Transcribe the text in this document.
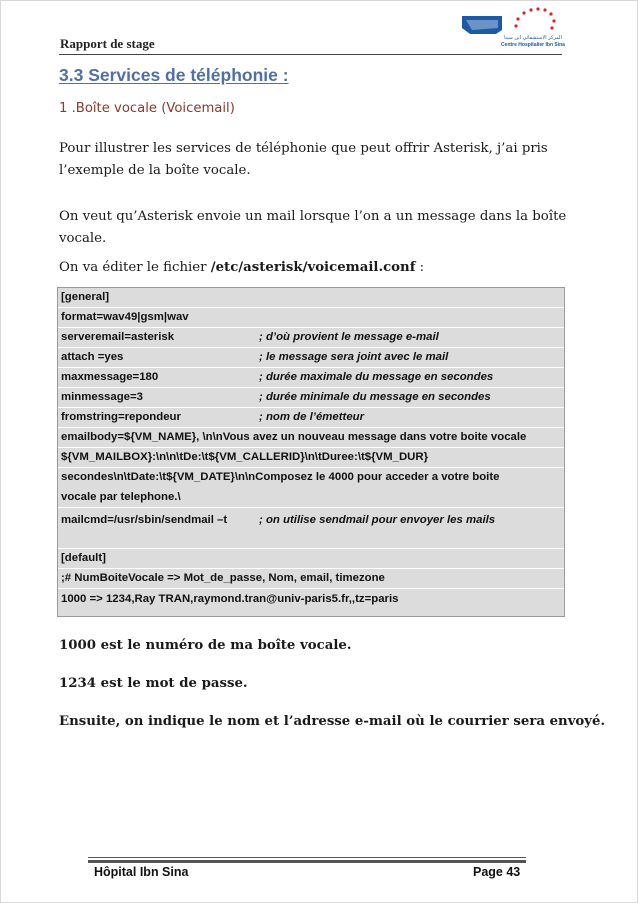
Rapport de stage	المركز الاستشفائي ابن سينا
Centre Hospitalier Ibn Sina
3.3 Services de téléphonie :
1 .Boîte vocale (Voicemail)
Pour illustrer les services de téléphonie que peut offrir Asterisk, j’ai pris
l’exemple de la boîte vocale.
On veut qu’Asterisk envoie un mail lorsque l’on a un message dans la boîte
vocale.
On va éditer le fichier /etc/asterisk/voicemail.conf :
[general]
format=wav49|gsm|wav
serveremail=asterisk	; d’où provient le message e-mail
attach =yes	; le message sera joint avec le mail
maxmessage=180	; durée maximale du message en secondes
minmessage=3	; durée minimale du message en secondes
fromstring=repondeur	; nom de l’émetteur
emailbody=${VM_NAME}, \n\nVous avez un nouveau message dans votre boite vocale
${VM_MAILBOX}:\n\n\tDe:\t${VM_CALLERID}\n\tDuree:\t${VM_DUR}
secondes\n\tDate:\t${VM_DATE}\n\nComposez le 4000 pour acceder a votre boite
vocale par telephone.\
mailcmd=/usr/sbin/sendmail –t	; on utilise sendmail pour envoyer les mails
[default]
;# NumBoiteVocale => Mot_de_passe, Nom, email, timezone
1000 => 1234,Ray TRAN,raymond.tran@univ-paris5.fr,,tz=paris
1000 est le numéro de ma boîte vocale.
1234 est le mot de passe.
Ensuite, on indique le nom et l’adresse e-mail où le courrier sera envoyé.
Hôpital Ibn Sina	Page 43
